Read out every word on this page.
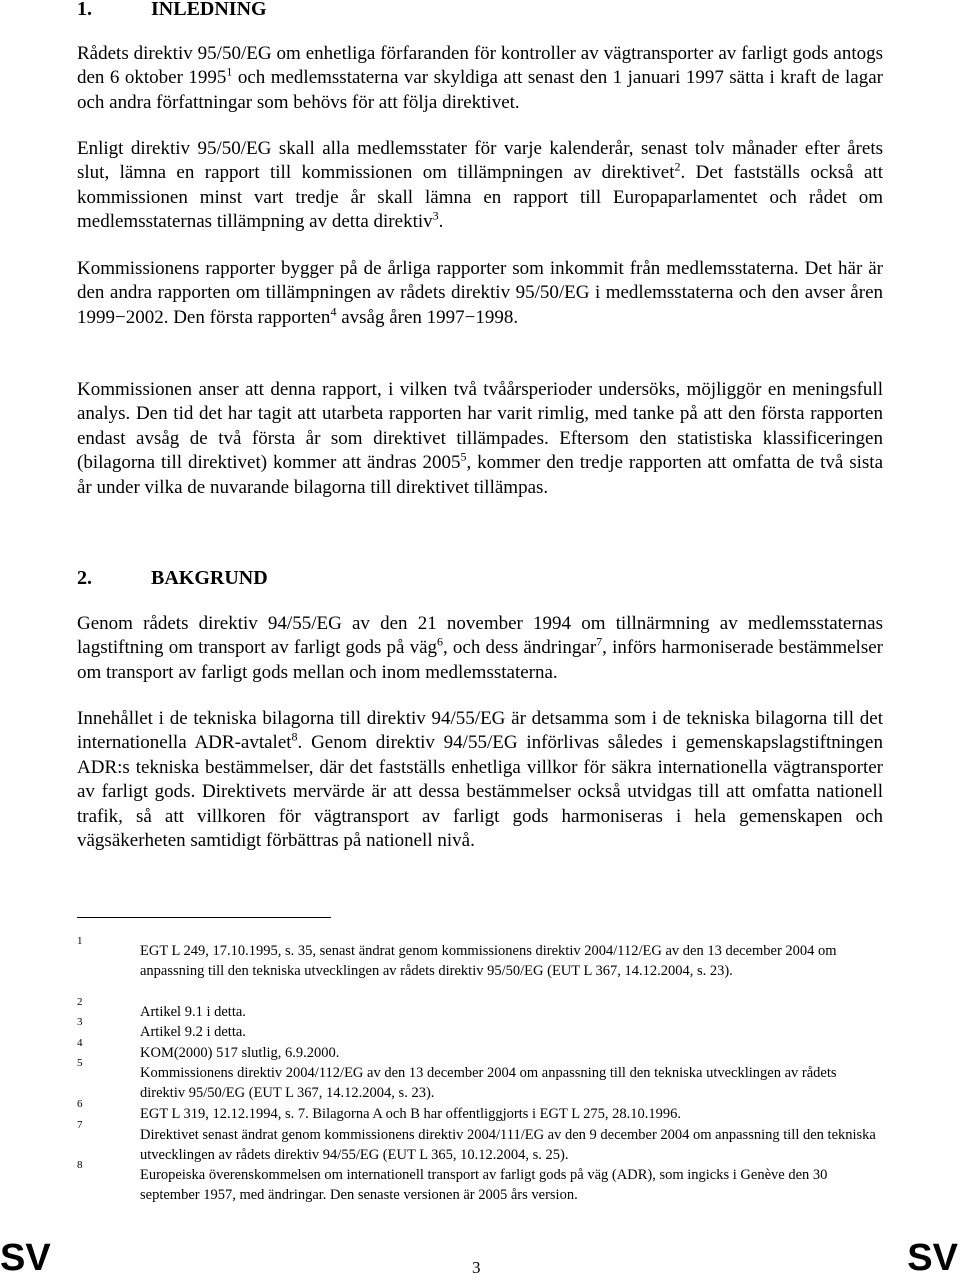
1.	INLEDNING
Rådets direktiv 95/50/EG om enhetliga förfaranden för kontroller av vägtransporter av farligt gods antogs den 6 oktober 1995$^1$ och medlemsstaterna var skyldiga att senast den 1 januari 1997 sätta i kraft de lagar och andra författningar som behövs för att följa direktivet.
Enligt direktiv 95/50/EG skall alla medlemsstater för varje kalenderår, senast tolv månader efter årets slut, lämna en rapport till kommissionen om tillämpningen av direktivet$^2$. Det fastställs också att kommissionen minst vart tredje år skall lämna en rapport till Europaparlamentet och rådet om medlemsstaternas tillämpning av detta direktiv$^3$.
Kommissionens rapporter bygger på de årliga rapporter som inkommit från medlemsstaterna. Det här är den andra rapporten om tillämpningen av rådets direktiv 95/50/EG i medlemsstaterna och den avser åren 1999−2002. Den första rapporten$^4$ avsåg åren 1997−1998.
Kommissionen anser att denna rapport, i vilken två tvåårsperioder undersöks, möjliggör en meningsfull analys. Den tid det har tagit att utarbeta rapporten har varit rimlig, med tanke på att den första rapporten endast avsåg de två första år som direktivet tillämpades. Eftersom den statistiska klassificeringen (bilagorna till direktivet) kommer att ändras 2005$^5$, kommer den tredje rapporten att omfatta de två sista år under vilka de nuvarande bilagorna till direktivet tillämpas.
2.	BAKGRUND
Genom rådets direktiv 94/55/EG av den 21 november 1994 om tillnärmning av medlemsstaternas lagstiftning om transport av farligt gods på väg$^6$, och dess ändringar$^7$, införs harmoniserade bestämmelser om transport av farligt gods mellan och inom medlemsstaterna.
Innehållet i de tekniska bilagorna till direktiv 94/55/EG är detsamma som i de tekniska bilagorna till det internationella ADR-avtalet$^8$. Genom direktiv 94/55/EG införlivas således i gemenskapslagstiftningen ADR:s tekniska bestämmelser, där det fastställs enhetliga villkor för säkra internationella vägtransporter av farligt gods. Direktivets mervärde är att dessa bestämmelser också utvidgas till att omfatta nationell trafik, så att villkoren för vägtransport av farligt gods harmoniseras i hela gemenskapen och vägsäkerheten samtidigt förbättras på nationell nivå.
1
EGT L 249, 17.10.1995, s. 35, senast ändrat genom kommissionens direktiv 2004/112/EG av den 13 december 2004 om anpassning till den tekniska utvecklingen av rådets direktiv 95/50/EG (EUT L 367, 14.12.2004, s. 23).
2
Artikel 9.1 i detta.
3
Artikel 9.2 i detta.
4
KOM(2000) 517 slutlig, 6.9.2000.
5
Kommissionens direktiv 2004/112/EG av den 13 december 2004 om anpassning till den tekniska utvecklingen av rådets direktiv 95/50/EG (EUT L 367, 14.12.2004, s. 23).
6
EGT L 319, 12.12.1994, s. 7. Bilagorna A och B har offentliggjorts i EGT L 275, 28.10.1996.
7
Direktivet senast ändrat genom kommissionens direktiv 2004/111/EG av den 9 december 2004 om anpassning till den tekniska utvecklingen av rådets direktiv 94/55/EG (EUT L 365, 10.12.2004, s. 25).
8
Europeiska överenskommelsen om internationell transport av farligt gods på väg (ADR), som ingicks i Genève den 30 september 1957, med ändringar. Den senaste versionen är 2005 års version.
SV	3	SV
